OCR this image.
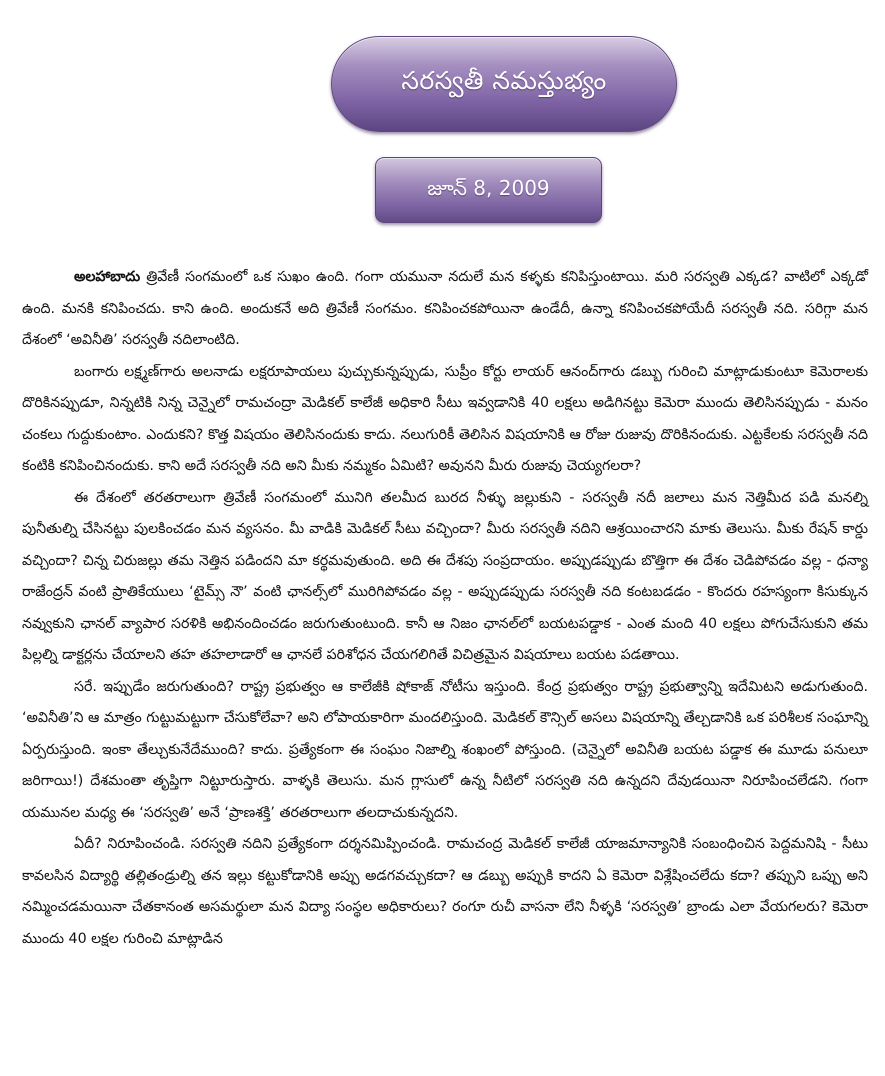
సరస్వతీ నమస్తుభ్యం
జూన్ 8, 2009

అలహాబాదు త్రివేణీ సంగమంలో ఒక సుఖం ఉంది. గంగా యమునా నదులే మన కళ్ళకు కనిపిస్తుంటాయి. మరి సరస్వతి ఎక్కడ? వాటిలో ఎక్కడో ఉంది. మనకి కనిపించదు. కాని ఉంది. అందుకనే అది త్రివేణీ సంగమం. కనిపించకపోయినా ఉండేదీ, ఉన్నా కనిపించకపోయేదీ సరస్వతీ నది. సరిగ్గా మన దేశంలో ‘అవినీతి’ సరస్వతీ నదిలాంటిది.

బంగారు లక్ష్మణ్‌గారు అలనాడు లక్షరూపాయలు పుచ్చుకున్నప్పుడు, సుప్రీం కోర్టు లాయర్ ఆనంద్‌గారు డబ్బు గురించి మాట్లాడుకుంటూ కెమెరాలకు దొరికినప్పుడూ, నిన్నటికి నిన్న చెన్నైలో రామచంద్రా మెడికల్ కాలేజీ అధికారి సీటు ఇవ్వడానికి 40 లక్షలు అడిగినట్టు కెమెరా ముందు తెలిసినప్పుడు - మనం చంకలు గుద్దుకుంటాం. ఎందుకని? కొత్త విషయం తెలిసినందుకు కాదు. నలుగురికీ తెలిసిన విషయానికి ఆ రోజు రుజువు దొరికినందుకు. ఎట్టకేలకు సరస్వతీ నది కంటికి కనిపించినందుకు. కాని అదే సరస్వతీ నది అని మీకు నమ్మకం ఏమిటి? అవునని మీరు రుజువు చెయ్యగలరా?

ఈ దేశంలో తరతరాలుగా త్రివేణీ సంగమంలో మునిగి తలమీద బురద నీళ్ళు జల్లుకుని - సరస్వతీ నదీ జలాలు మన నెత్తిమీద పడి మనల్ని పునీతుల్ని చేసినట్టు పులకించడం మన వ్యసనం. మీ వాడికి మెడికల్ సీటు వచ్చిందా? మీరు సరస్వతీ నదిని ఆశ్రయించారని మాకు తెలుసు. మీకు రేషన్ కార్డు వచ్చిందా? చిన్న చిరుజల్లు తమ నెత్తిన పడిందని మా కర్థమవుతుంది. అది ఈ దేశపు సంప్రదాయం. అప్పుడప్పుడు బొత్తిగా ఈ దేశం చెడిపోవడం వల్ల - ధన్యా రాజేంద్రన్ వంటి ప్రాతికేయులు ‘టైమ్స్ నౌ’ వంటి ఛానల్స్‌లో మురిగిపోవడం వల్ల - అప్పుడప్పుడు సరస్వతీ నది కంటబడడం - కొందరు రహస్యంగా కిసుక్కున నవ్వుకుని ఛానల్ వ్యాపార సరళికి అభినందించడం జరుగుతుంటుంది. కానీ ఆ నిజం ఛానల్‌లో బయటపడ్డాక - ఎంత మంది 40 లక్షలు పోగుచేసుకుని తమ పిల్లల్ని డాక్టర్లను చేయాలని తహ తహలాడారో ఆ ఛానలే పరిశోధన చేయగలిగితే విచిత్రమైన విషయాలు బయట పడతాయి.

సరే. ఇప్పుడేం జరుగుతుంది? రాష్ట్ర ప్రభుత్వం ఆ కాలేజీకి షోకాజ్ నోటీసు ఇస్తుంది. కేంద్ర ప్రభుత్వం రాష్ట్ర ప్రభుత్వాన్ని ఇదేమిటని అడుగుతుంది. ‘అవినీతి’ని ఆ మాత్రం గుట్టుమట్టుగా చేసుకోలేవా? అని లోపాయకారిగా మందలిస్తుంది. మెడికల్ కౌన్సిల్ అసలు విషయాన్ని తేల్చడానికి ఒక పరిశీలక సంఘాన్ని ఏర్పరుస్తుంది. ఇంకా తేల్చుకునేదేముంది? కాదు. ప్రత్యేకంగా ఈ సంఘం నిజాల్ని శంఖంలో పోస్తుంది. (చెన్నైలో అవినీతి బయట పడ్డాక ఈ మూడు పనులూ జరిగాయి!) దేశమంతా తృప్తిగా నిట్టూరుస్తారు. వాళ్ళకి తెలుసు. మన గ్లాసులో ఉన్న నీటిలో సరస్వతి నది ఉన్నదని దేవుడయినా నిరూపించలేడని. గంగా యమునల మధ్య ఈ ‘సరస్వతి’ అనే ‘ప్రాణశక్తి’ తరతరాలుగా తలదాచుకున్నదని.

ఏదీ? నిరూపించండి. సరస్వతి నదిని ప్రత్యేకంగా దర్శనమిప్పించండి. రామచంద్ర మెడికల్ కాలేజీ యాజమాన్యానికి సంబంధించిన పెద్దమనిషి - సీటు కావలసిన విద్యార్థి తల్లితండ్రుల్ని తన ఇల్లు కట్టుకోడానికి అప్పు అడగవచ్చుకదా? ఆ డబ్బు అప్పుకి కాదని ఏ కెమెరా విశ్లేషించలేదు కదా? తప్పుని ఒప్పు అని నమ్మించడమయినా చేతకానంత అసమర్థులా మన విద్యా సంస్థల అధికారులు? రంగూ రుచీ వాసనా లేని నీళ్ళకి ‘సరస్వతి’ బ్రాండు ఎలా వేయగలరు? కెమెరా ముందు 40 లక్షల గురించి మాట్లాడిన
